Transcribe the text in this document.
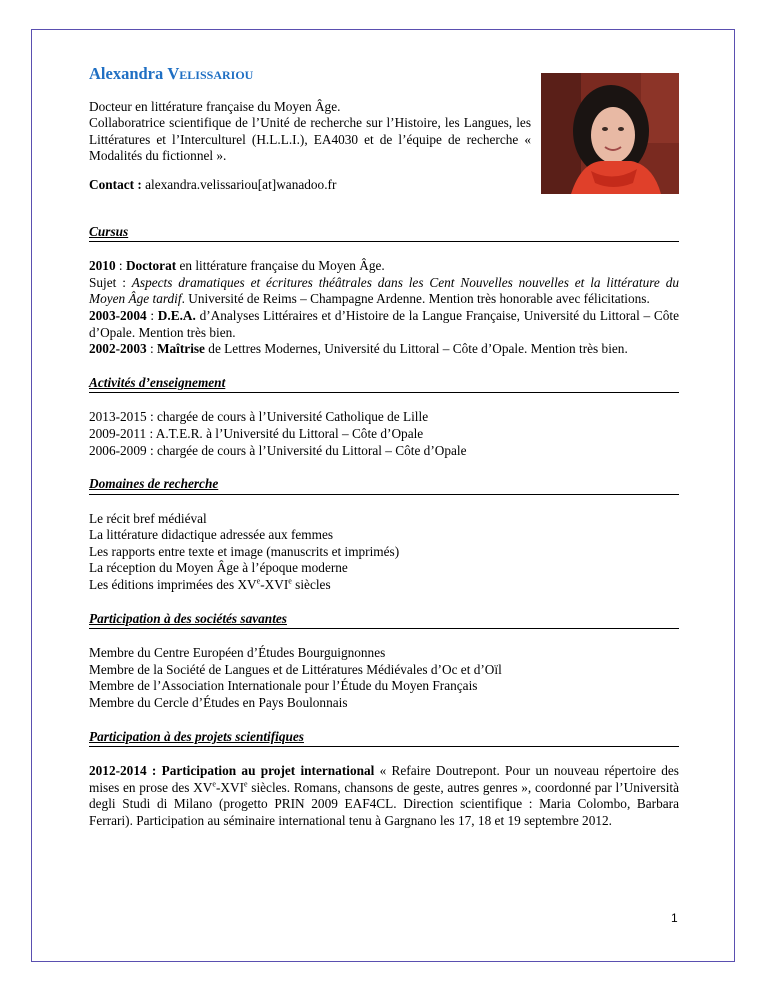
Alexandra Velissariou

Docteur en littérature française du Moyen Âge.

Collaboratrice scientifique de l’Unité de recherche sur l’Histoire, les Langues, les Littératures et l’Interculturel (H.L.L.I.), EA4030 et de l’équipe de recherche « Modalités du fictionnel ».

Contact : alexandra.velissariou[at]wanadoo.fr

Cursus

2010 : Doctorat en littérature française du Moyen Âge.
Sujet : Aspects dramatiques et écritures théâtrales dans les Cent Nouvelles nouvelles et la littérature du Moyen Âge tardif. Université de Reims – Champagne Ardenne. Mention très honorable avec félicitations.

2003-2004 : D.E.A. d’Analyses Littéraires et d’Histoire de la Langue Française, Université du Littoral – Côte d’Opale. Mention très bien.

2002-2003 : Maîtrise de Lettres Modernes, Université du Littoral – Côte d’Opale. Mention très bien.

Activités d’enseignement

2013-2015 : chargée de cours à l’Université Catholique de Lille

2009-2011 : A.T.E.R. à l’Université du Littoral – Côte d’Opale

2006-2009 : chargée de cours à l’Université du Littoral – Côte d’Opale

Domaines de recherche

Le récit bref médiéval

La littérature didactique adressée aux femmes

Les rapports entre texte et image (manuscrits et imprimés)

La réception du Moyen Âge à l’époque moderne

Les éditions imprimées des XVe-XVIe siècles

Participation à des sociétés savantes

Membre du Centre Européen d’Études Bourguignonnes

Membre de la Société de Langues et de Littératures Médiévales d’Oc et d’Oïl

Membre de l’Association Internationale pour l’Étude du Moyen Français

Membre du Cercle d’Études en Pays Boulonnais

Participation à des projets scientifiques

2012-2014 : Participation au projet international « Refaire Doutrepont. Pour un nouveau répertoire des mises en prose des XVe-XVIe siècles. Romans, chansons de geste, autres genres », coordonné par l’Università degli Studi di Milano (progetto PRIN 2009 EAF4CL. Direction scientifique : Maria Colombo, Barbara Ferrari). Participation au séminaire international tenu à Gargnano les 17, 18 et 19 septembre 2012.

1
